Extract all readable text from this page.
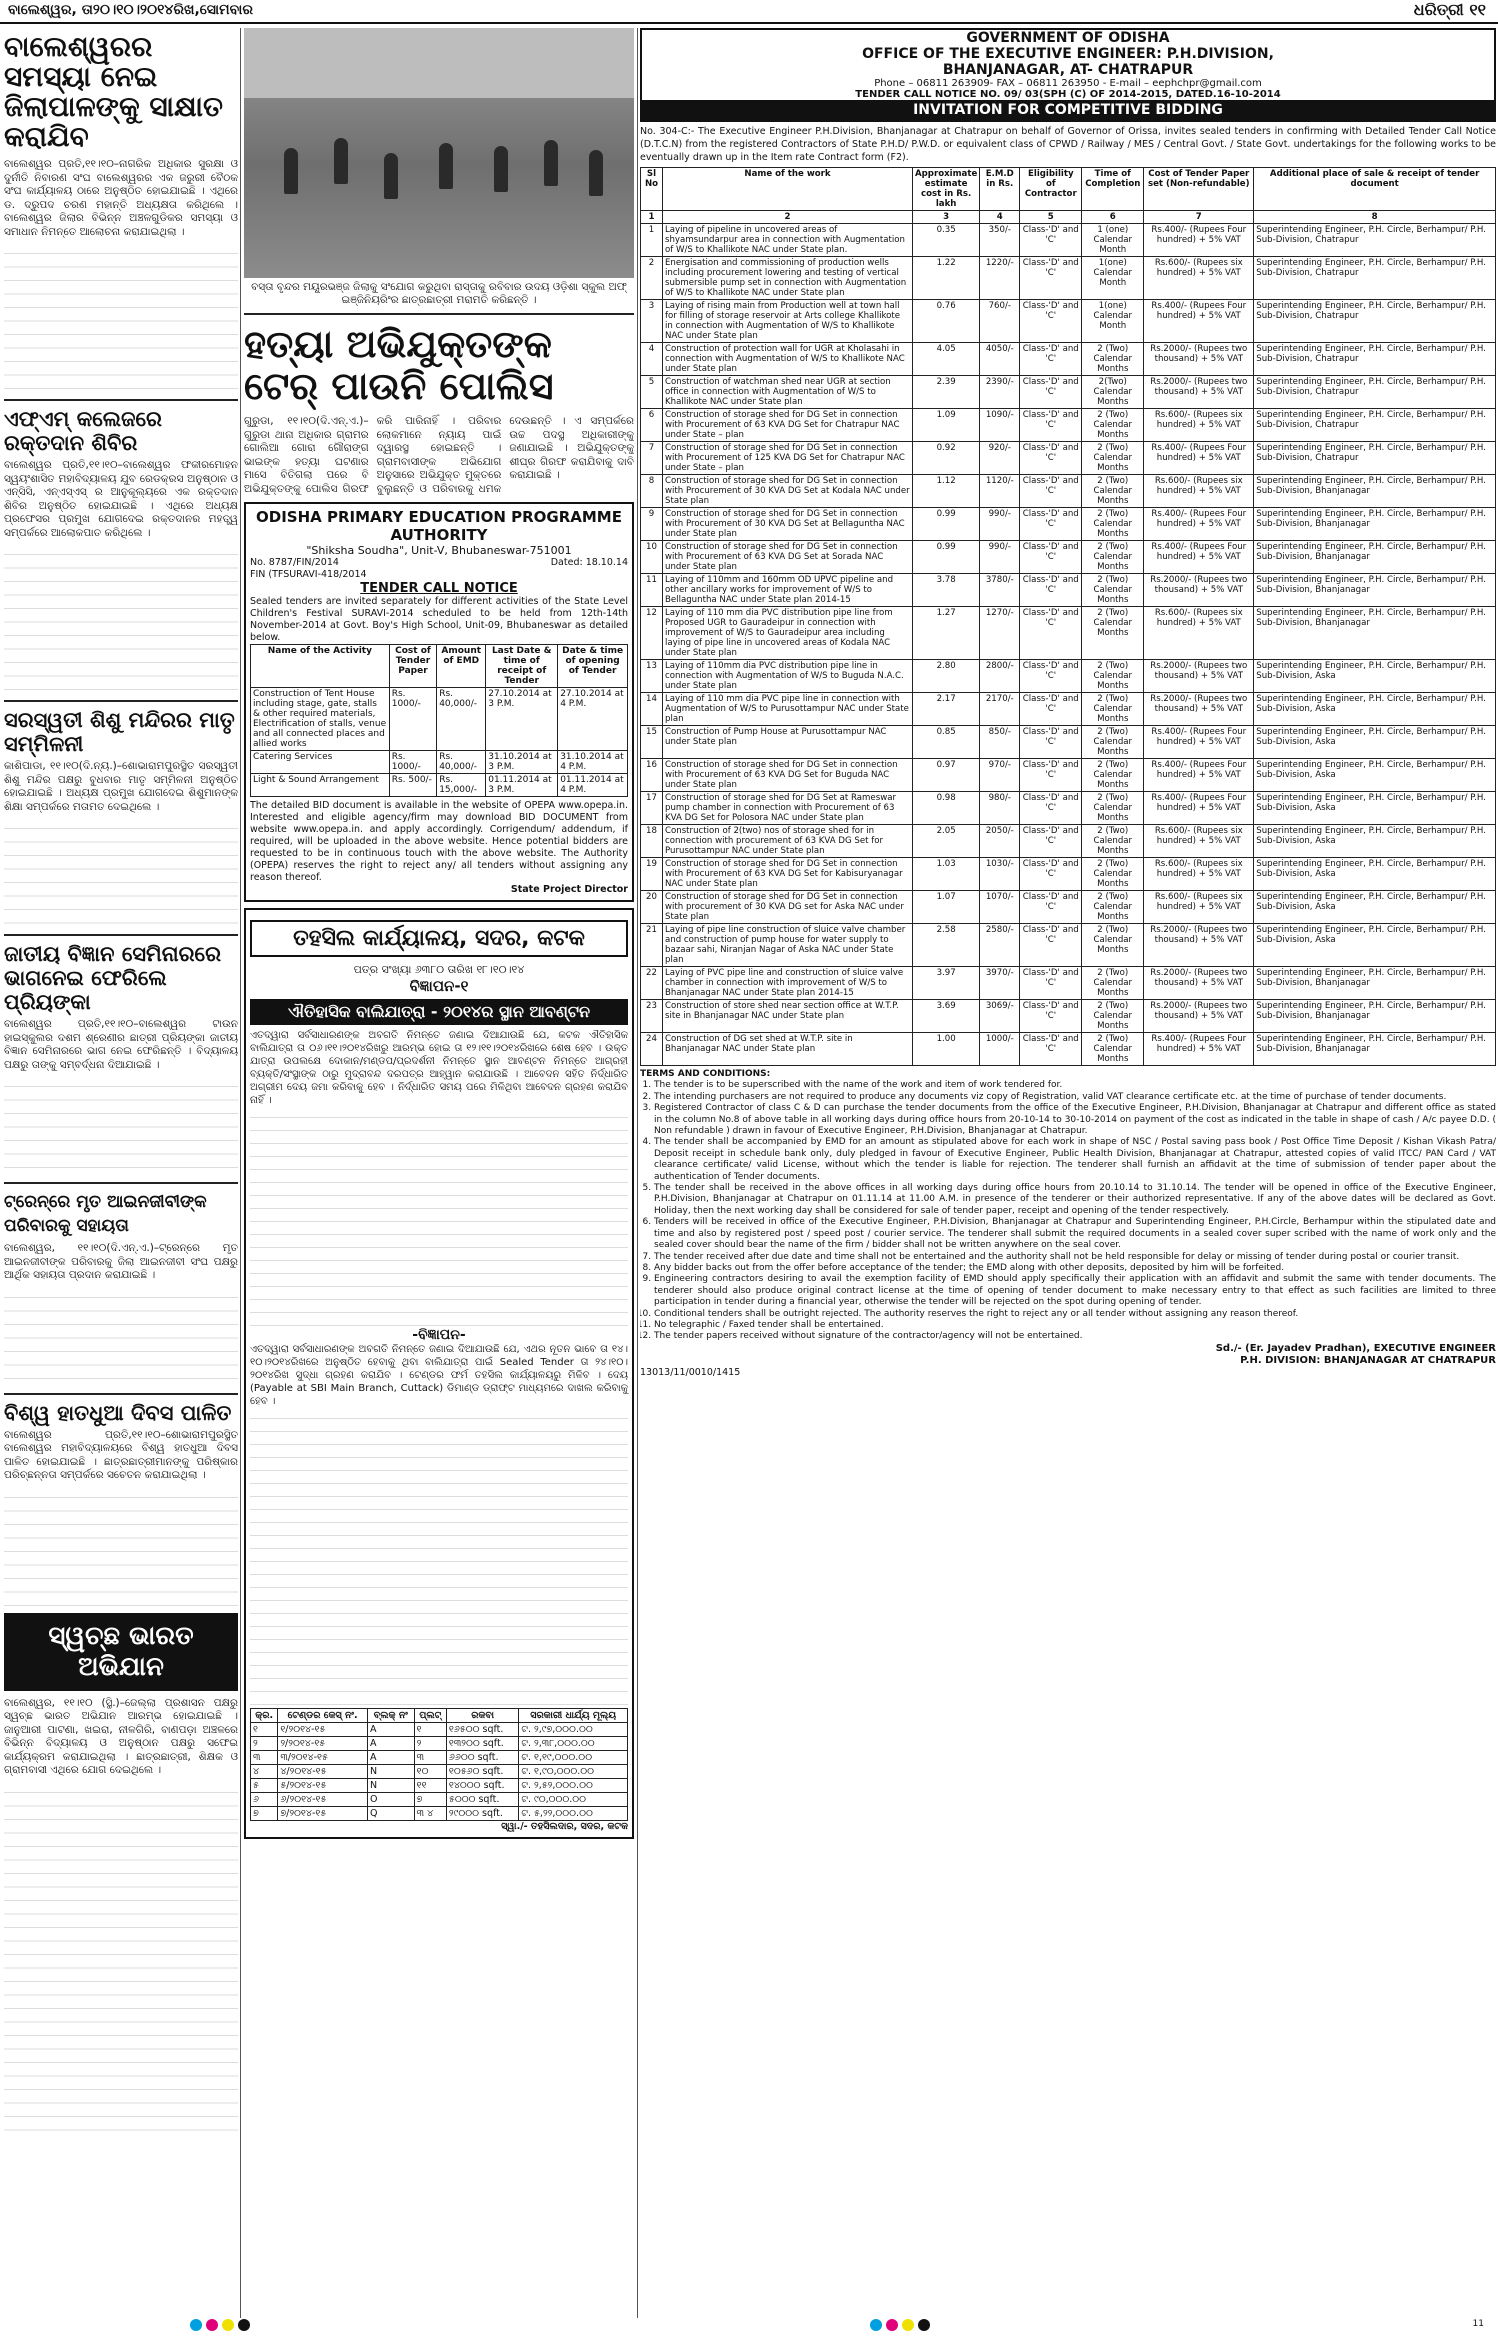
ବାଲେଶ୍ୱର, ତା୨୦।୧୦।୨୦୧୪ରିଖ,ସୋମବାର	ଧରିତ୍ରୀ ୧୧
ବାଲେଶ୍ୱରର ସମସ୍ୟା ନେଇ ଜିଲାପାଳଙ୍କୁ ସାକ୍ଷାତ କରାଯିବ
ବାଲେଶ୍ୱର ପ୍ରତି,୧୧।୧୦–ନାଗରିକ ଅଧିକାର ସୁରକ୍ଷା ଓ ଦୁର୍ନୀତି ନିବାରଣ ସଂଘ ବାଲେଶ୍ୱରର ଏକ ଜରୁରୀ ବୈଠକ ସଂଘ କାର୍ଯ୍ୟାଳୟ ଠାରେ ଅନୁଷ୍ଠିତ ହୋଇଯାଇଛି । ଏଥିରେ ଡ. ଦ୍ରୁପଦ ଚରଣ ମହାନ୍ତି ଅଧ୍ୟକ୍ଷତା କରିଥିଲେ । ବାଲେଶ୍ୱର ଜିଲାର ବିଭିନ୍ନ ଅଞ୍ଚଳଗୁଡିକର ସମସ୍ୟା ଓ ସମାଧାନ ନିମନ୍ତେ ଆଲୋଚନା କରାଯାଇଥିଲା ।
ଏଫ୍‌ଏମ୍ କଲେଜରେ ରକ୍ତଦାନ ଶିବିର
ବାଲେଶ୍ୱର ପ୍ରତି,୧୧।୧୦–ବାଲେଶ୍ୱର ଫକୀରମୋହନ ସ୍ୱୟଂଶାସିତ ମହାବିଦ୍ୟାଳୟ ଯୁବ ରେଡକ୍ରସ ଅନୁଷ୍ଠାନ ଓ ଏନ୍‌ସିସି, ଏନ୍‌ଏସ୍‌ଏସ୍ ର ଆନୁକୂଲ୍ୟରେ ଏକ ରକ୍ତଦାନ ଶିବିର ଅନୁଷ୍ଠିତ ହୋଇଯାଇଛି । ଏଥିରେ ଅଧ୍ୟକ୍ଷ ପ୍ରଫେସର ପ୍ରମୁଖ ଯୋଗଦେଇ ରକ୍ତଦାନର ମହତ୍ତ୍ୱ ସମ୍ପର୍କରେ ଆଲୋକପାତ କରିଥିଲେ ।
ସରସ୍ୱତୀ ଶିଶୁ ମନ୍ଦିରର ମାତୃ ସମ୍ମିଳନୀ
କାଶିପାଡା, ୧୧।୧୦(ଦି.ନ୍ୟ.)–ଶୋଭାରାମପୁରସ୍ଥିତ ସରସ୍ୱତୀ ଶିଶୁ ମନ୍ଦିର ପକ୍ଷରୁ ବୁଧବାର ମାତୃ ସମ୍ମିଳନୀ ଅନୁଷ୍ଠିତ ହୋଇଯାଇଛି । ଅଧ୍ୟକ୍ଷ ପ୍ରମୁଖ ଯୋଗଦେଇ ଶିଶୁମାନଙ୍କ ଶିକ୍ଷା ସମ୍ପର୍କରେ ମତାମତ ଦେଇଥିଲେ ।
ଜାତୀୟ ବିଜ୍ଞାନ ସେମିନାରରେ ଭାଗନେଇ ଫେରିଲେ ପ୍ରିୟଙ୍କା
ବାଲେଶ୍ୱର ପ୍ରତି,୧୧।୧୦–ବାଲେଶ୍ୱର ଟାଉନ ହାଇସ୍କୁଲର ଦଶମ ଶ୍ରେଣୀର ଛାତ୍ରୀ ପ୍ରିୟଙ୍କା ଜାତୀୟ ବିଜ୍ଞାନ ସେମିନାରରେ ଭାଗ ନେଇ ଫେରିଛନ୍ତି । ବିଦ୍ୟାଳୟ ପକ୍ଷରୁ ତାଙ୍କୁ ସମ୍ବର୍ଦ୍ଧନା ଦିଆଯାଇଛି ।
ଟ୍ରେନ୍‌ରେ ମୃତ ଆଇନଜୀବୀଙ୍କ ପରିବାରକୁ ସହାୟତା
ବାଲେଶ୍ୱର, ୧୧।୧୦(ଦି.ଏନ୍.ଏ.)–ଟ୍ରେନ୍‌ରେ ମୃତ ଆଇନଜୀବୀଙ୍କ ପରିବାରକୁ ଜିଲା ଆଇନଜୀବୀ ସଂଘ ପକ୍ଷରୁ ଆର୍ଥିକ ସହାୟତା ପ୍ରଦାନ କରାଯାଇଛି ।
ବିଶ୍ୱ ହାତଧୁଆ ଦିବସ ପାଳିତ
ବାଲେଶ୍ୱର ପ୍ରତି,୧୧।୧୦–ଶୋଭାରାମପୁରସ୍ଥିତ ବାଲେଶ୍ୱର ମହାବିଦ୍ୟାଳୟରେ ବିଶ୍ୱ ହାତଧୁଆ ଦିବସ ପାଳିତ ହୋଇଯାଇଛି । ଛାତ୍ରଛାତ୍ରୀମାନଙ୍କୁ ପରିଷ୍କାର ପରିଚ୍ଛନ୍ନତା ସମ୍ପର୍କରେ ସଚେତନ କରାଯାଇଥିଲା ।
ସ୍ୱଚ୍ଛ ଭାରତ ଅଭିଯାନ
ବାଲେଶ୍ୱର, ୧୧।୧୦ (ସ୍ଥି.)–ଜେଲ୍ଲା ପ୍ରଶାସନ ପକ୍ଷରୁ ସ୍ୱଚ୍ଛ ଭାରତ ଅଭିଯାନ ଆରମ୍ଭ ହୋଇଯାଇଛି । ଜାନୁଆରୀ ପାଟଣା, ଖଇରା, ନୀଳଗିରି, ବାଣପଡ଼ା ଅଞ୍ଚଳରେ ବିଭିନ୍ନ ବିଦ୍ୟାଳୟ ଓ ଅନୁଷ୍ଠାନ ପକ୍ଷରୁ ସଫେଇ କାର୍ଯ୍ୟକ୍ରମ କରାଯାଇଥିଲା । ଛାତ୍ରଛାତ୍ରୀ, ଶିକ୍ଷକ ଓ ଗ୍ରାମବାସୀ ଏଥିରେ ଯୋଗ ଦେଇଥିଲେ ।
ବସ୍ତା ବୃନ୍ଦର ମୟୂରଭଞ୍ଜ ଜିଲାକୁ ସଂଯୋଗ କରୁଥିବା ରାସ୍ତାକୁ ରବିବାର ଉଦୟ ଓଡ଼ିଶା ସ୍କୁଲ ଅଫ୍ ଇଞ୍ଜିନିୟରିଂର ଛାତ୍ରଛାତ୍ରୀ ମରାମତି କରିଛନ୍ତି ।
ହତ୍ୟା ଅଭିଯୁକ୍ତଙ୍କ ଟେର୍ ପାଉନି ପୋଲିସ
ଗୁରୁଡା, ୧୧।୧୦(ଦି.ଏନ୍.ଏ.)– ଗୁରୁଡା ଥାନା ଅଧିକାର ଗ୍ରାମର ଗୋଲିଆ ଗୋରା ଗୌରାଙ୍ଗ ଭାଇଙ୍କ ହତ୍ୟା ଘଟଣାର ମାସେ ବିତିଗଲା ପରେ ବି ଅଭିଯୁକ୍ତଙ୍କୁ ପୋଲିସ ଗିରଫ କରି ପାରିନାହିଁ । ପରିବାର ଲୋକମାନେ ନ୍ୟାୟ ପାଇଁ ଦ୍ୱାରସ୍ଥ ହୋଇଛନ୍ତି । ଗ୍ରାମବାସୀଙ୍କ ଅଭିଯୋଗ ଅନୁସାରେ ଅଭିଯୁକ୍ତ ମୁକ୍ତରେ ବୁଲୁଛନ୍ତି ଓ ପରିବାରକୁ ଧମକ ଦେଉଛନ୍ତି । ଏ ସମ୍ପର୍କରେ ଉଚ୍ଚ ପଦସ୍ଥ ଅଧିକାରୀଙ୍କୁ ଜଣାଯାଇଛି । ଅଭିଯୁକ୍ତଙ୍କୁ ଶୀଘ୍ର ଗିରଫ କରାଯିବାକୁ ଦାବି କରାଯାଇଛି ।
ODISHA PRIMARY EDUCATION PROGRAMME AUTHORITY
"Shiksha Soudha", Unit-V, Bhubaneswar-751001
No. 8787/FIN/2014	Dated: 18.10.14
FIN (TFSURAVI-418/2014
TENDER CALL NOTICE
Sealed tenders are invited separately for different activities of the State Level Children's Festival SURAVI-2014 scheduled to be held from 12th-14th November-2014 at Govt. Boy's High School, Unit-09, Bhubaneswar as detailed below.
Name of the Activity	Cost of Tender Paper	Amount of EMD	Last Date & time of receipt of Tender	Date & time of opening of Tender
Construction of Tent House including stage, gate, stalls & other required materials, Electrification of stalls, venue and all connected places and allied works	Rs. 1000/-	Rs. 40,000/-	27.10.2014 at 3 P.M.	27.10.2014 at 4 P.M.
Catering Services	Rs. 1000/-	Rs. 40,000/-	31.10.2014 at 3 P.M.	31.10.2014 at 4 P.M.
Light & Sound Arrangement	Rs. 500/-	Rs. 15,000/-	01.11.2014 at 3 P.M.	01.11.2014 at 4 P.M.
The detailed BID document is available in the website of OPEPA www.opepa.in. Interested and eligible agency/firm may download BID DOCUMENT from website www.opepa.in. and apply accordingly. Corrigendum/ addendum, if required, will be uploaded in the above website. Hence potential bidders are requested to be in continuous touch with the above website. The Authority (OPEPA) reserves the right to reject any/ all tenders without assigning any reason thereof.
State Project Director
ତହସିଲ କାର୍ଯ୍ୟାଳୟ, ସଦର, କଟକ
ପତ୍ର ସଂଖ୍ୟା ୬୩୮୦ ତାରିଖ ୧୮।୧୦।୧୪
ବିଜ୍ଞାପନ-୧
ଐତିହାସିକ ବାଲିଯାତ୍ରା - ୨୦୧୪ର ସ୍ଥାନ ଆବଣ୍ଟନ
ଏତଦ୍ୱାରା ସର୍ବସାଧାରଣଙ୍କ ଅବଗତି ନିମନ୍ତେ ଜଣାଇ ଦିଆଯାଉଛି ଯେ, କଟକ ଐତିହାସିକ ବାଲିଯାତ୍ରା ତା ୦୬।୧୧।୨୦୧୪ରିଖରୁ ଆରମ୍ଭ ହୋଇ ତା ୧୨।୧୧।୨୦୧୪ରିଖରେ ଶେଷ ହେବ । ଉକ୍ତ ଯାତ୍ରା ଉପଲକ୍ଷେ ଦୋକାନ/ମଣ୍ଡପ/ପ୍ରଦର୍ଶନୀ ନିମନ୍ତେ ସ୍ଥାନ ଆବଣ୍ଟନ ନିମନ୍ତେ ଆଗ୍ରହୀ ବ୍ୟକ୍ତି/ସଂସ୍ଥାଙ୍କ ଠାରୁ ମୁଦ୍ରାବନ୍ଦ ଦରପତ୍ର ଆହ୍ୱାନ କରାଯାଉଛି । ଆବେଦନ ସହିତ ନିର୍ଦ୍ଧାରିତ ଅଗ୍ରୀମ ଦେୟ ଜମା କରିବାକୁ ହେବ । ନିର୍ଦ୍ଧାରିତ ସମୟ ପରେ ମିଳିଥିବା ଆବେଦନ ଗ୍ରହଣ କରାଯିବ ନାହିଁ ।
-ବିଜ୍ଞାପନ-
ଏତଦ୍ୱାରା ସର୍ବସାଧାରଣଙ୍କ ଅବଗତି ନିମନ୍ତେ ଜଣାଇ ଦିଆଯାଉଛି ଯେ, ଏଥର ନୂତନ ଭାବେ ତା ୧୪।୧୦।୨୦୧୪ରିଖରେ ଅନୁଷ୍ଠିତ ହେବାକୁ ଥିବା ବାଲିଯାତ୍ରା ପାଇଁ Sealed Tender ତା ୨୪।୧୦।୨୦୧୪ରିଖ ସୁଦ୍ଧା ଗ୍ରହଣ କରାଯିବ । ଟେଣ୍ଡର ଫର୍ମ ତହସିଲ କାର୍ଯ୍ୟାଳୟରୁ ମିଳିବ । ଦେୟ (Payable at SBI Main Branch, Cuttack) ଡିମାଣ୍ଡ ଡ୍ରାଫ୍ଟ ମାଧ୍ୟମରେ ଦାଖଲ କରିବାକୁ ହେବ ।
କ୍ର.	ଟେଣ୍ଡର କେସ୍ ନଂ.	ବ୍ଲକ୍ ନଂ	ପ୍ଲଟ୍	ରକବା	ସରକାରୀ ଧାର୍ଯ୍ୟ ମୂଲ୍ୟ
୧	୧/୨୦୧୪-୧୫	A	୧	୧୬୫୦୦ sqft.	ଟ. ୨,୯୭,୦୦୦.୦୦
୨	୨/୨୦୧୪-୧୫	A	୨	୧୩୨୦୦ sqft.	ଟ. ୨,୩୮,୦୦୦.୦୦
୩	୩/୨୦୧୪-୧୫	A	୩	୬୬୦୦ sqft.	ଟ. ୧,୧୯,୦୦୦.୦୦
୪	୪/୨୦୧୪-୧୫	N	୧୦	୧୦୫୬୦ sqft.	ଟ. ୧,୯୦,୦୦୦.୦୦
୫	୫/୨୦୧୪-୧୫	N	୧୧	୧୪୦୦୦ sqft.	ଟ. ୨,୫୨,୦୦୦.୦୦
୬	୬/୨୦୧୪-୧୫	O	୭	୫୦୦୦ sqft.	ଟ. ୯୦,୦୦୦.୦୦
୭	୭/୨୦୧୪-୧୫	Q	୩ ୪	୨୯୦୦୦ sqft.	ଟ. ୫,୨୨,୦୦୦.୦୦
ସ୍ୱା./- ତହସିଲଦାର, ସଦର, କଟକ
GOVERNMENT OF ODISHA
OFFICE OF THE EXECUTIVE ENGINEER: P.H.DIVISION,
BHANJANAGAR, AT- CHATRAPUR
Phone – 06811 263909- FAX – 06811 263950 - E-mail – eephchpr@gmail.com
TENDER CALL NOTICE NO. 09/ 03(SPH (C) OF 2014-2015, DATED.16-10-2014
INVITATION FOR COMPETITIVE BIDDING
No. 304-C:- The Executive Engineer P.H.Division, Bhanjanagar at Chatrapur on behalf of Governor of Orissa, invites sealed tenders in confirming with Detailed Tender Call Notice (D.T.C.N) from the registered Contractors of State P.H.D/ P.W.D. or equivalent class of CPWD / Railway / MES / Central Govt. / State Govt. undertakings for the following works to be eventually drawn up in the Item rate Contract form (F2).
Sl No	Name of the work	Approximate estimate cost in Rs. lakh	E.M.D in Rs.	Eligibility of Contractor	Time of Completion	Cost of Tender Paper set (Non-refundable)	Additional place of sale & receipt of tender document
1	2	3	4	5	6	7	8
1	Laying of pipeline in uncovered areas of shyamsundarpur area in connection with Augmentation of W/S to Khallikote NAC under State plan.	0.35	350/-	Class-'D' and 'C'	1 (one) Calendar Month	Rs.400/- (Rupees Four hundred) + 5% VAT	Superintending Engineer, P.H. Circle, Berhampur/ P.H. Sub-Division, Chatrapur
2	Energisation and commissioning of production wells including procurement lowering and testing of vertical submersible pump set in connection with Augmentation of W/S to Khallikote NAC under State plan	1.22	1220/-	Class-'D' and 'C'	1(one) Calendar Month	Rs.600/- (Rupees six hundred) + 5% VAT	Superintending Engineer, P.H. Circle, Berhampur/ P.H. Sub-Division, Chatrapur
3	Laying of rising main from Production well at town hall for filling of storage reservoir at Arts college Khallikote in connection with Augmentation of W/S to Khallikote NAC under State plan	0.76	760/-	Class-'D' and 'C'	1(one) Calendar Month	Rs.400/- (Rupees Four hundred) + 5% VAT	Superintending Engineer, P.H. Circle, Berhampur/ P.H. Sub-Division, Chatrapur
4	Construction of protection wall for UGR at Kholasahi in connection with Augmentation of W/S to Khallikote NAC under State plan	4.05	4050/-	Class-'D' and 'C'	2 (Two) Calendar Months	Rs.2000/- (Rupees two thousand) + 5% VAT	Superintending Engineer, P.H. Circle, Berhampur/ P.H. Sub-Division, Chatrapur
5	Construction of watchman shed near UGR at section office in connection with Augmentation of W/S to Khallikote NAC under State plan	2.39	2390/-	Class-'D' and 'C'	2(Two) Calendar Months	Rs.2000/- (Rupees two thousand) + 5% VAT	Superintending Engineer, P.H. Circle, Berhampur/ P.H. Sub-Division, Chatrapur
6	Construction of storage shed for DG Set in connection with Procurement of 63 KVA DG Set for Chatrapur NAC under State – plan	1.09	1090/-	Class-'D' and 'C'	2 (Two) Calendar Months	Rs.600/- (Rupees six hundred) + 5% VAT	Superintending Engineer, P.H. Circle, Berhampur/ P.H. Sub-Division, Chatrapur
7	Construction of storage shed for DG Set in connection with Procurement of 125 KVA DG Set for Chatrapur NAC under State – plan	0.92	920/-	Class-'D' and 'C'	2 (Two) Calendar Months	Rs.400/- (Rupees Four hundred) + 5% VAT	Superintending Engineer, P.H. Circle, Berhampur/ P.H. Sub-Division, Chatrapur
8	Construction of storage shed for DG Set in connection with Procurement of 30 KVA DG Set at Kodala NAC under State plan	1.12	1120/-	Class-'D' and 'C'	2 (Two) Calendar Months	Rs.600/- (Rupees six hundred) + 5% VAT	Superintending Engineer, P.H. Circle, Berhampur/ P.H. Sub-Division, Bhanjanagar
9	Construction of storage shed for DG Set in connection with Procurement of 30 KVA DG Set at Bellaguntha NAC under State plan	0.99	990/-	Class-'D' and 'C'	2 (Two) Calendar Months	Rs.400/- (Rupees Four hundred) + 5% VAT	Superintending Engineer, P.H. Circle, Berhampur/ P.H. Sub-Division, Bhanjanagar
10	Construction of storage shed for DG Set in connection with Procurement of 63 KVA DG Set at Sorada NAC under State plan	0.99	990/-	Class-'D' and 'C'	2 (Two) Calendar Months	Rs.400/- (Rupees Four hundred) + 5% VAT	Superintending Engineer, P.H. Circle, Berhampur/ P.H. Sub-Division, Bhanjanagar
11	Laying of 110mm and 160mm OD UPVC pipeline and other ancillary works for improvement of W/S to Bellaguntha NAC under State plan 2014-15	3.78	3780/-	Class-'D' and 'C'	2 (Two) Calendar Months	Rs.2000/- (Rupees two thousand) + 5% VAT	Superintending Engineer, P.H. Circle, Berhampur/ P.H. Sub-Division, Bhanjanagar
12	Laying of 110 mm dia PVC distribution pipe line from Proposed UGR to Gauradeipur in connection with improvement of W/S to Gauradeipur area including laying of pipe line in uncovered areas of Kodala NAC under State plan	1.27	1270/-	Class-'D' and 'C'	2 (Two) Calendar Months	Rs.600/- (Rupees six hundred) + 5% VAT	Superintending Engineer, P.H. Circle, Berhampur/ P.H. Sub-Division, Bhanjanagar
13	Laying of 110mm dia PVC distribution pipe line in connection with Augmentation of W/S to Buguda N.A.C. under State plan	2.80	2800/-	Class-'D' and 'C'	2 (Two) Calendar Months	Rs.2000/- (Rupees two thousand) + 5% VAT	Superintending Engineer, P.H. Circle, Berhampur/ P.H. Sub-Division, Aska
14	Laying of 110 mm dia PVC pipe line in connection with Augmentation of W/S to Purusottampur NAC under State plan	2.17	2170/-	Class-'D' and 'C'	2 (Two) Calendar Months	Rs.2000/- (Rupees two thousand) + 5% VAT	Superintending Engineer, P.H. Circle, Berhampur/ P.H. Sub-Division, Aska
15	Construction of Pump House at Purusottampur NAC under State plan	0.85	850/-	Class-'D' and 'C'	2 (Two) Calendar Months	Rs.400/- (Rupees Four hundred) + 5% VAT	Superintending Engineer, P.H. Circle, Berhampur/ P.H. Sub-Division, Aska
16	Construction of storage shed for DG Set in connection with Procurement of 63 KVA DG Set for Buguda NAC under State plan	0.97	970/-	Class-'D' and 'C'	2 (Two) Calendar Months	Rs.400/- (Rupees Four hundred) + 5% VAT	Superintending Engineer, P.H. Circle, Berhampur/ P.H. Sub-Division, Aska
17	Construction of storage shed for DG Set at Rameswar pump chamber in connection with Procurement of 63 KVA DG Set for Polosora NAC under State plan	0.98	980/-	Class-'D' and 'C'	2 (Two) Calendar Months	Rs.400/- (Rupees Four hundred) + 5% VAT	Superintending Engineer, P.H. Circle, Berhampur/ P.H. Sub-Division, Aska
18	Construction of 2(two) nos of storage shed for in connection with procurement of 63 KVA DG Set for Purusottampur NAC under State plan	2.05	2050/-	Class-'D' and 'C'	2 (Two) Calendar Months	Rs.600/- (Rupees six hundred) + 5% VAT	Superintending Engineer, P.H. Circle, Berhampur/ P.H. Sub-Division, Aska
19	Construction of storage shed for DG Set in connection with Procurement of 63 KVA DG Set for Kabisuryanagar NAC under State plan	1.03	1030/-	Class-'D' and 'C'	2 (Two) Calendar Months	Rs.600/- (Rupees six hundred) + 5% VAT	Superintending Engineer, P.H. Circle, Berhampur/ P.H. Sub-Division, Aska
20	Construction of storage shed for DG Set in connection with procurement of 30 KVA DG set for Aska NAC under State plan	1.07	1070/-	Class-'D' and 'C'	2 (Two) Calendar Months	Rs.600/- (Rupees six hundred) + 5% VAT	Superintending Engineer, P.H. Circle, Berhampur/ P.H. Sub-Division, Aska
21	Laying of pipe line construction of sluice valve chamber and construction of pump house for water supply to bazaar sahi, Niranjan Nagar of Aska NAC under State plan	2.58	2580/-	Class-'D' and 'C'	2 (Two) Calendar Months	Rs.2000/- (Rupees two thousand) + 5% VAT	Superintending Engineer, P.H. Circle, Berhampur/ P.H. Sub-Division, Aska
22	Laying of PVC pipe line and construction of sluice valve chamber in connection with improvement of W/S to Bhanjanagar NAC under State plan 2014-15	3.97	3970/-	Class-'D' and 'C'	2 (Two) Calendar Months	Rs.2000/- (Rupees two thousand) + 5% VAT	Superintending Engineer, P.H. Circle, Berhampur/ P.H. Sub-Division, Bhanjanagar
23	Construction of store shed near section office at W.T.P. site in Bhanjanagar NAC under State plan	3.69	3069/-	Class-'D' and 'C'	2 (Two) Calendar Months	Rs.2000/- (Rupees two thousand) + 5% VAT	Superintending Engineer, P.H. Circle, Berhampur/ P.H. Sub-Division, Bhanjanagar
24	Construction of DG set shed at W.T.P. site in Bhanjanagar NAC under State plan	1.00	1000/-	Class-'D' and 'C'	2 (Two) Calendar Months	Rs.400/- (Rupees Four hundred) + 5% VAT	Superintending Engineer, P.H. Circle, Berhampur/ P.H. Sub-Division, Bhanjanagar
TERMS AND CONDITIONS:
1. The tender is to be superscribed with the name of the work and item of work tendered for.
2. The intending purchasers are not required to produce any documents viz copy of Registration, valid VAT clearance certificate etc. at the time of purchase of tender documents.
3. Registered Contractor of class C & D can purchase the tender documents from the office of the Executive Engineer, P.H.Division, Bhanjanagar at Chatrapur and different office as stated in the column No.8 of above table in all working days during office hours from 20-10-14 to 30-10-2014 on payment of the cost as indicated in the table in shape of cash / A/c payee D.D. ( Non refundable ) drawn in favour of Executive Engineer, P.H.Division, Bhanjanagar at Chatrapur.
4. The tender shall be accompanied by EMD for an amount as stipulated above for each work in shape of NSC / Postal saving pass book / Post Office Time Deposit / Kishan Vikash Patra/ Deposit receipt in schedule bank only, duly pledged in favour of Executive Engineer, Public Health Division, Bhanjanagar at Chatrapur, attested copies of valid ITCC/ PAN Card / VAT clearance certificate/ valid License, without which the tender is liable for rejection. The tenderer shall furnish an affidavit at the time of submission of tender paper about the authentication of Tender documents.
5. The tender shall be received in the above offices in all working days during office hours from 20.10.14 to 31.10.14. The tender will be opened in office of the Executive Engineer, P.H.Division, Bhanjanagar at Chatrapur on 01.11.14 at 11.00 A.M. in presence of the tenderer or their authorized representative. If any of the above dates will be declared as Govt. Holiday, then the next working day shall be considered for sale of tender paper, receipt and opening of the tender respectively.
6. Tenders will be received in office of the Executive Engineer, P.H.Division, Bhanjanagar at Chatrapur and Superintending Engineer, P.H.Circle, Berhampur within the stipulated date and time and also by registered post / speed post / courier service. The tenderer shall submit the required documents in a sealed cover super scribed with the name of work only and the sealed cover should bear the name of the firm / bidder shall not be written anywhere on the seal cover.
7. The tender received after due date and time shall not be entertained and the authority shall not be held responsible for delay or missing of tender during postal or courier transit.
8. Any bidder backs out from the offer before acceptance of the tender; the EMD along with other deposits, deposited by him will be forfeited.
9. Engineering contractors desiring to avail the exemption facility of EMD should apply specifically their application with an affidavit and submit the same with tender documents. The tenderer should also produce original contract license at the time of opening of tender document to make necessary entry to that effect as such facilities are limited to three participation in tender during a financial year, otherwise the tender will be rejected on the spot during opening of tender.
10. Conditional tenders shall be outright rejected. The authority reserves the right to reject any or all tender without assigning any reason thereof.
11. No telegraphic / Faxed tender shall be entertained.
12. The tender papers received without signature of the contractor/agency will not be entertained.
Sd./- (Er. Jayadev Pradhan), EXECUTIVE ENGINEER
P.H. DIVISION: BHANJANAGAR AT CHATRAPUR
13013/11/0010/1415
11
